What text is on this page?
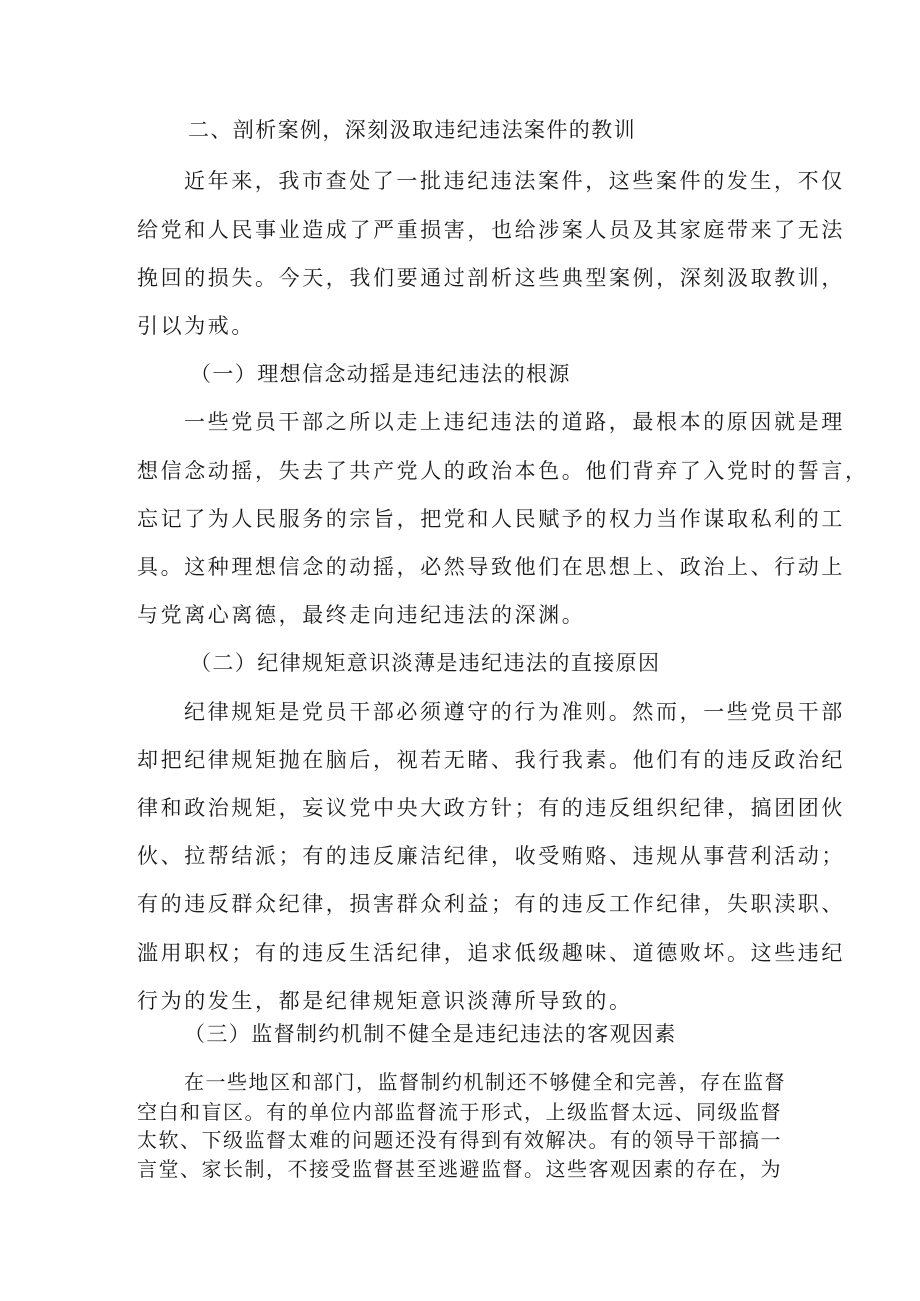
二、剖析案例，深刻汲取违纪违法案件的教训
近年来，我市查处了一批违纪违法案件，这些案件的发生，不仅
给党和人民事业造成了严重损害，也给涉案人员及其家庭带来了无法
挽回的损失。今天，我们要通过剖析这些典型案例，深刻汲取教训，
引以为戒。
（一）理想信念动摇是违纪违法的根源
一些党员干部之所以走上违纪违法的道路，最根本的原因就是理
想信念动摇，失去了共产党人的政治本色。他们背弃了入党时的誓言，
忘记了为人民服务的宗旨，把党和人民赋予的权力当作谋取私利的工
具。这种理想信念的动摇，必然导致他们在思想上、政治上、行动上
与党离心离德，最终走向违纪违法的深渊。
（二）纪律规矩意识淡薄是违纪违法的直接原因
纪律规矩是党员干部必须遵守的行为准则。然而，一些党员干部
却把纪律规矩抛在脑后，视若无睹、我行我素。他们有的违反政治纪
律和政治规矩，妄议党中央大政方针；有的违反组织纪律，搞团团伙
伙、拉帮结派；有的违反廉洁纪律，收受贿赂、违规从事营利活动；
有的违反群众纪律，损害群众利益；有的违反工作纪律，失职渎职、
滥用职权；有的违反生活纪律，追求低级趣味、道德败坏。这些违纪
行为的发生，都是纪律规矩意识淡薄所导致的。
（三）监督制约机制不健全是违纪违法的客观因素
在一些地区和部门，监督制约机制还不够健全和完善，存在监督
空白和盲区。有的单位内部监督流于形式，上级监督太远、同级监督
太软、下级监督太难的问题还没有得到有效解决。有的领导干部搞一
言堂、家长制，不接受监督甚至逃避监督。这些客观因素的存在，为
